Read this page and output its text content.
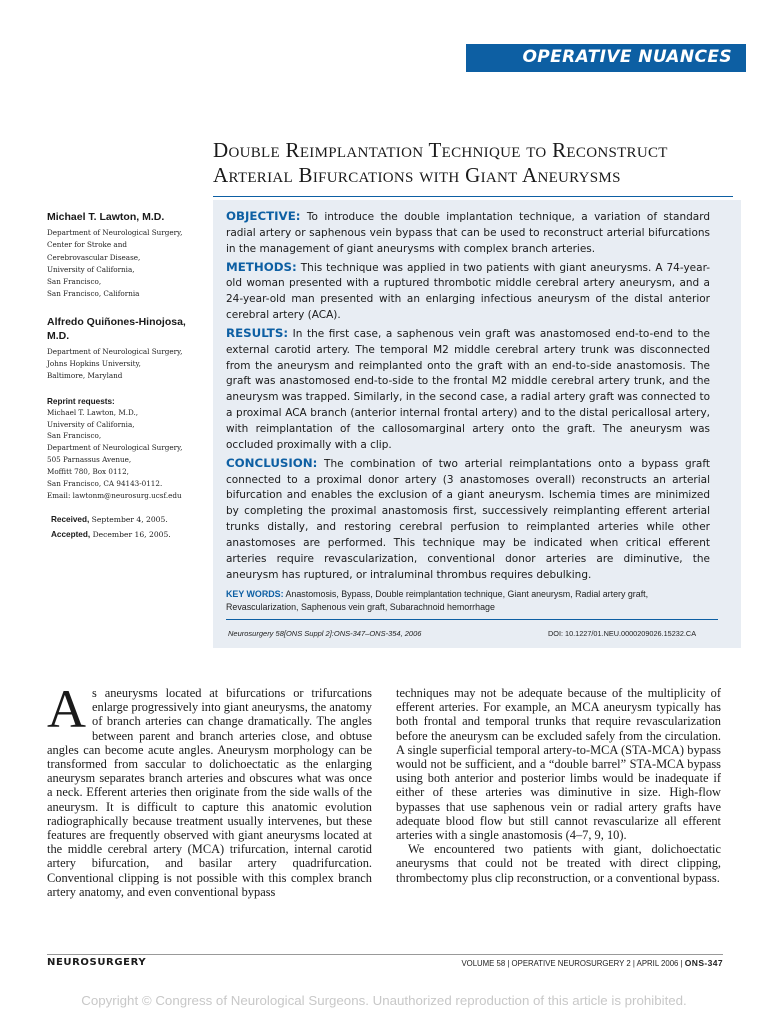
OPERATIVE NUANCES
Double Reimplantation Technique to Reconstruct Arterial Bifurcations with Giant Aneurysms
Michael T. Lawton, M.D.
Department of Neurological Surgery,
Center for Stroke and
Cerebrovascular Disease,
University of California,
San Francisco,
San Francisco, California
Alfredo Quiñones-Hinojosa, M.D.
Department of Neurological Surgery,
Johns Hopkins University,
Baltimore, Maryland
Reprint requests:
Michael T. Lawton, M.D.,
University of California,
San Francisco,
Department of Neurological Surgery,
505 Parnassus Avenue,
Moffitt 780, Box 0112,
San Francisco, CA 94143-0112.
Email: lawtonm@neurosurg.ucsf.edu
Received, September 4, 2005.
Accepted, December 16, 2005.

OBJECTIVE: To introduce the double implantation technique, a variation of standard radial artery or saphenous vein bypass that can be used to reconstruct arterial bifurcations in the management of giant aneurysms with complex branch arteries.

METHODS: This technique was applied in two patients with giant aneurysms. A 74-year-old woman presented with a ruptured thrombotic middle cerebral artery aneurysm, and a 24-year-old man presented with an enlarging infectious aneurysm of the distal anterior cerebral artery (ACA).

RESULTS: In the first case, a saphenous vein graft was anastomosed end-to-end to the external carotid artery. The temporal M2 middle cerebral artery trunk was disconnected from the aneurysm and reimplanted onto the graft with an end-to-side anastomosis. The graft was anastomosed end-to-side to the frontal M2 middle cerebral artery trunk, and the aneurysm was trapped. Similarly, in the second case, a radial artery graft was connected to a proximal ACA branch (anterior internal frontal artery) and to the distal pericallosal artery, with reimplantation of the callosomarginal artery onto the graft. The aneurysm was occluded proximally with a clip.

CONCLUSION: The combination of two arterial reimplantations onto a bypass graft connected to a proximal donor artery (3 anastomoses overall) reconstructs an arterial bifurcation and enables the exclusion of a giant aneurysm. Ischemia times are minimized by completing the proximal anastomosis first, successively reimplanting efferent arterial trunks distally, and restoring cerebral perfusion to reimplanted arteries while other anastomoses are performed. This technique may be indicated when critical efferent arteries require revascularization, conventional donor arteries are diminutive, the aneurysm has ruptured, or intraluminal thrombus requires debulking.

KEY WORDS: Anastomosis, Bypass, Double reimplantation technique, Giant aneurysm, Radial artery graft, Revascularization, Saphenous vein graft, Subarachnoid hemorrhage
Neurosurgery 58[ONS Suppl 2]:ONS-347–ONS-354, 2006	DOI: 10.1227/01.NEU.0000209026.15232.CA

As aneurysms located at bifurcations or trifurcations enlarge progressively into giant aneurysms, the anatomy of branch arteries can change dramatically. The angles between parent and branch arteries close, and obtuse angles can become acute angles. Aneurysm morphology can be transformed from saccular to dolichoectatic as the enlarging aneurysm separates branch arteries and obscures what was once a neck. Efferent arteries then originate from the side walls of the aneurysm. It is difficult to capture this anatomic evolution radiographically because treatment usually intervenes, but these features are frequently observed with giant aneurysms located at the middle cerebral artery (MCA) trifurcation, internal carotid artery bifurcation, and basilar artery quadrifurcation. Conventional clipping is not possible with this complex branch artery anatomy, and even conventional bypass

techniques may not be adequate because of the multiplicity of efferent arteries. For example, an MCA aneurysm typically has both frontal and temporal trunks that require revascularization before the aneurysm can be excluded safely from the circulation. A single superficial temporal artery-to-MCA (STA-MCA) bypass would not be sufficient, and a “double barrel” STA-MCA bypass using both anterior and posterior limbs would be inadequate if either of these arteries was diminutive in size. High-flow bypasses that use saphenous vein or radial artery grafts have adequate blood flow but still cannot revascularize all efferent arteries with a single anastomosis (4–7, 9, 10).

We encountered two patients with giant, dolichoectatic aneurysms that could not be treated with direct clipping, thrombectomy plus clip reconstruction, or a conventional bypass.

NEUROSURGERY	VOLUME 58 | OPERATIVE NEUROSURGERY 2 | APRIL 2006 | ONS-347
Copyright © Congress of Neurological Surgeons. Unauthorized reproduction of this article is prohibited.
